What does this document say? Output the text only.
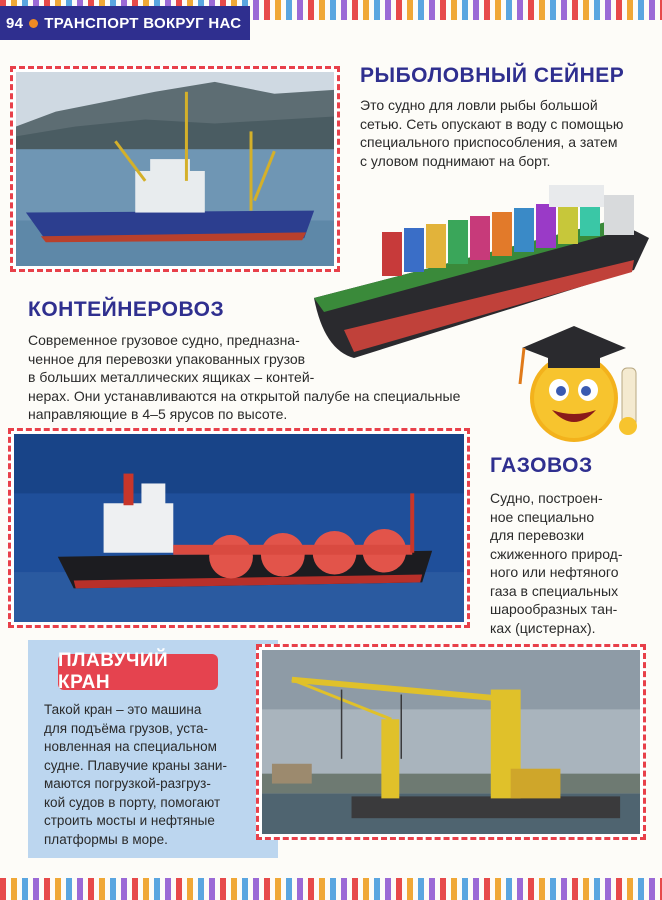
94 ТРАНСПОРТ ВОКРУГ НАС
РЫБОЛОВНЫЙ СЕЙНЕР
Это судно для ловли рыбы большой
сетью. Сеть опускают в воду с помощью
специального приспособления, а затем
с уловом поднимают на борт.
КОНТЕЙНЕРОВОЗ
Современное грузовое судно, предназна-
ченное для перевозки упакованных грузов
в больших металлических ящиках – контей-
нерах. Они устанавливаются на открытой палубе на специальные
направляющие в 4–5 ярусов по высоте.
ГАЗОВОЗ
Судно, построен-
ное специально
для перевозки
сжиженного природ-
ного или нефтяного
газа в специальных
шарообразных тан-
ках (цистернах).
ПЛАВУЧИЙ КРАН
Такой кран – это машина
для подъёма грузов, уста-
новленная на специальном
судне. Плавучие краны зани-
маются погрузкой-разгруз-
кой судов в порту, помогают
строить мосты и нефтяные
платформы в море.
